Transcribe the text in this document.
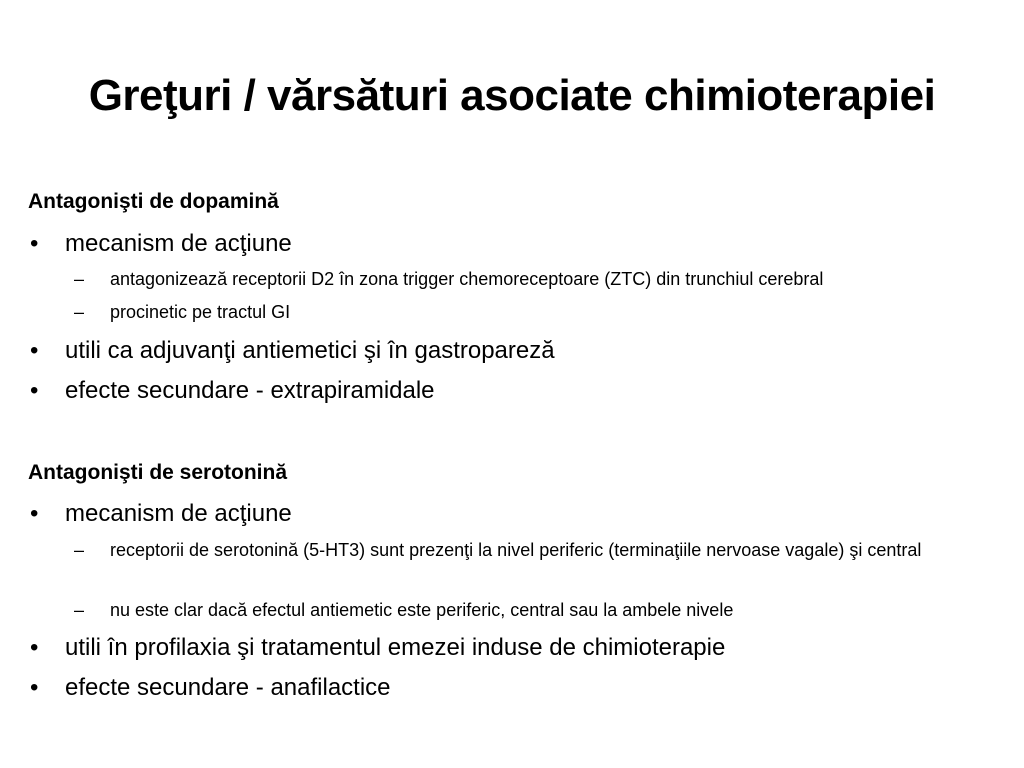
Greţuri / vărsături asociate chimioterapiei
Antagonişti de dopamină
• mecanism de acţiune
– antagonizează receptorii D2 în zona trigger chemoreceptoare (ZTC) din trunchiul cerebral
– procinetic pe tractul GI
• utili ca adjuvanţi antiemetici şi în gastropareză
• efecte secundare - extrapiramidale
Antagonişti de serotonină
• mecanism de acţiune
– receptorii de serotonină (5-HT3) sunt prezenţi la nivel periferic (terminaţiile nervoase vagale) şi central
– nu este clar dacă efectul antiemetic este periferic, central sau la ambele nivele
• utili în profilaxia şi tratamentul emezei induse de chimioterapie
• efecte secundare - anafilactice
